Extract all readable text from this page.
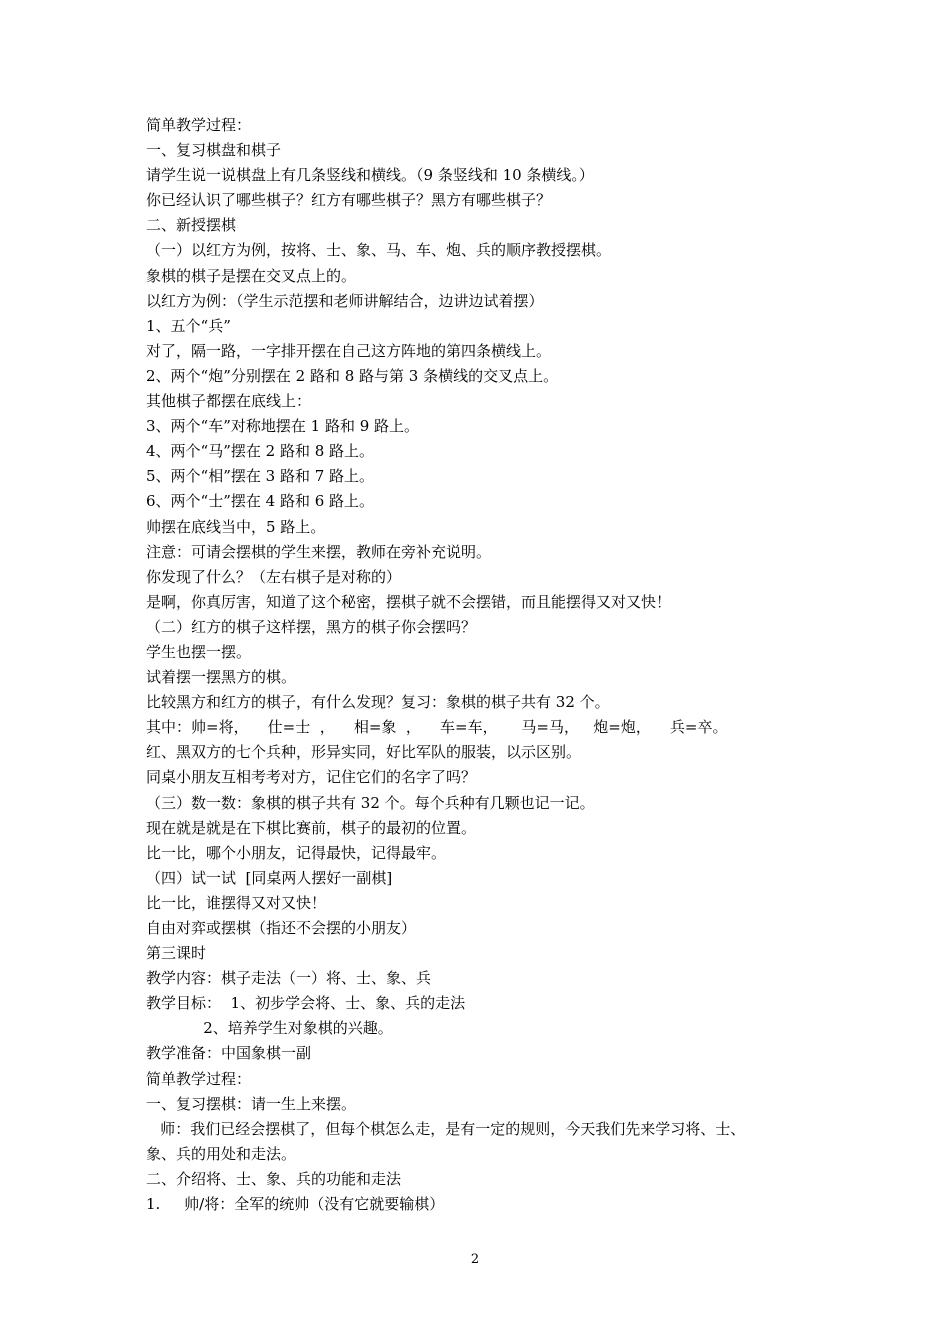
简单教学过程：
一、复习棋盘和棋子
请学生说一说棋盘上有几条竖线和横线。（9 条竖线和 10 条横线。）
你已经认识了哪些棋子？红方有哪些棋子？黑方有哪些棋子？
二、新授摆棋
（一）以红方为例，按将、士、象、马、车、炮、兵的顺序教授摆棋。
象棋的棋子是摆在交叉点上的。
以红方为例：（学生示范摆和老师讲解结合，边讲边试着摆）
1、五个“兵”
对了，隔一路，一字排开摆在自己这方阵地的第四条横线上。
2、两个“炮”分别摆在 2 路和 8 路与第 3 条横线的交叉点上。
其他棋子都摆在底线上：
3、两个“车”对称地摆在 1 路和 9 路上。
4、两个“马”摆在 2 路和 8 路上。
5、两个“相”摆在 3 路和 7 路上。
6、两个“士”摆在 4 路和 6 路上。
帅摆在底线当中，5 路上。
注意：可请会摆棋的学生来摆，教师在旁补充说明。
你发现了什么？（左右棋子是对称的）
是啊，你真厉害，知道了这个秘密，摆棋子就不会摆错，而且能摆得又对又快！
（二）红方的棋子这样摆，黑方的棋子你会摆吗？
学生也摆一摆。
试着摆一摆黑方的棋。
比较黑方和红方的棋子，有什么发现？复习：象棋的棋子共有 32 个。
其中：帅=将，    仕=士  ，    相=象  ，    车=车，     马=马，   炮=炮，    兵=卒。
红、黑双方的七个兵种，形异实同，好比军队的服装，以示区别。
同桌小朋友互相考考对方，记住它们的名字了吗？
（三）数一数：象棋的棋子共有 32 个。每个兵种有几颗也记一记。
现在就是就是在下棋比赛前，棋子的最初的位置。
比一比，哪个小朋友，记得最快，记得最牢。
（四）试一试  [同桌两人摆好一副棋]
比一比，谁摆得又对又快！
自由对弈或摆棋（指还不会摆的小朋友）
第三课时
教学内容：棋子走法（一）将、士、象、兵
教学目标：  1、初步学会将、士、象、兵的走法
2、培养学生对象棋的兴趣。
教学准备：中国象棋一副
简单教学过程：
一、复习摆棋：请一生上来摆。
师：我们已经会摆棋了，但每个棋怎么走，是有一定的规则，今天我们先来学习将、士、
象、兵的用处和走法。
二、介绍将、士、象、兵的功能和走法
1.     帅/将：全军的统帅（没有它就要输棋）
2
